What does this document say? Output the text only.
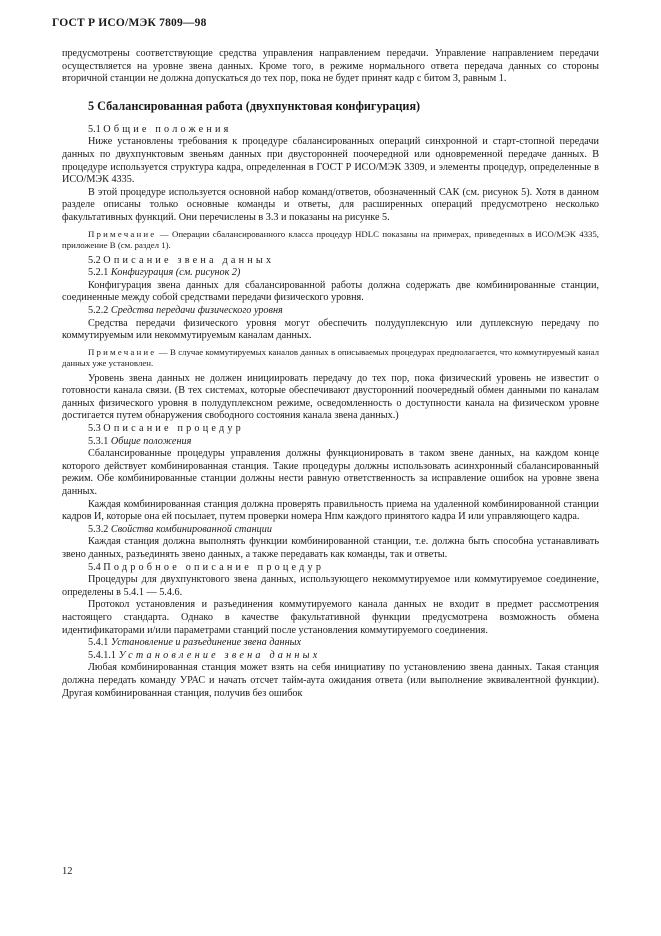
ГОСТ Р ИСО/МЭК 7809—98

предусмотрены соответствующие средства управления направлением передачи. Управление направлением передачи осуществляется на уровне звена данных. Кроме того, в режиме нормального ответа передача данных со стороны вторичной станции не должна допускаться до тех пор, пока не будет принят кадр с битом З, равным 1.

5 Сбалансированная работа (двухпунктовая конфигурация)
5.1 Общие положения

Ниже установлены требования к процедуре сбалансированных операций синхронной и старт-стопной передачи данных по двухпунктовым звеньям данных при двусторонней поочередной или одновременной передаче данных. В процедуре используется структура кадра, определенная в ГОСТ Р ИСО/МЭК 3309, и элементы процедур, определенные в ИСО/МЭК 4335.

В этой процедуре используется основной набор команд/ответов, обозначенный САК (см. рисунок 5). Хотя в данном разделе описаны только основные команды и ответы, для расширенных операций предусмотрено несколько факультативных функций. Они перечислены в 3.3 и показаны на рисунке 5.

Примечание — Операции сбалансированного класса процедур HDLC показаны на примерах, приведенных в ИСО/МЭК 4335, приложение В (см. раздел 1).

5.2 Описание звена данных
5.2.1 Конфигурация (см. рисунок 2)

Конфигурация звена данных для сбалансированной работы должна содержать две комбинированные станции, соединенные между собой средствами передачи физического уровня.

5.2.2 Средства передачи физического уровня

Средства передачи физического уровня могут обеспечить полудуплексную или дуплексную передачу по коммутируемым или некоммутируемым каналам данных.

Примечание — В случае коммутируемых каналов данных в описываемых процедурах предполагается, что коммутируемый канал данных уже установлен.

Уровень звена данных не должен инициировать передачу до тех пор, пока физический уровень не известит о готовности канала связи. (В тех системах, которые обеспечивают двусторонний поочередный обмен данными по каналам данных физического уровня в полудуплексном режиме, осведомленность о доступности канала на физическом уровне достигается путем обнаружения свободного состояния канала звена данных.)

5.3 Описание процедур
5.3.1 Общие положения

Сбалансированные процедуры управления должны функционировать в таком звене данных, на каждом конце которого действует комбинированная станция. Такие процедуры должны использовать асинхронный сбалансированный режим. Обе комбинированные станции должны нести равную ответственность за исправление ошибок на уровне звена данных.

Каждая комбинированная станция должна проверять правильность приема на удаленной комбинированной станции кадров И, которые она ей посылает, путем проверки номера Нпм каждого принятого кадра И или управляющего кадра.

5.3.2 Свойства комбинированной станции

Каждая станция должна выполнять функции комбинированной станции, т.е. должна быть способна устанавливать звено данных, разъединять звено данных, а также передавать как команды, так и ответы.

5.4 Подробное описание процедур

Процедуры для двухпунктового звена данных, использующего некоммутируемое или коммутируемое соединение, определены в 5.4.1 — 5.4.6.

Протокол установления и разъединения коммутируемого канала данных не входит в предмет рассмотрения настоящего стандарта. Однако в качестве факультативной функции предусмотрена возможность обмена идентификаторами и/или параметрами станций после установления коммутируемого соединения.

5.4.1 Установление и разъединение звена данных
5.4.1.1 Установление звена данных

Любая комбинированная станция может взять на себя инициативу по установлению звена данных. Такая станция должна передать команду УРАС и начать отсчет тайм-аута ожидания ответа (или выполнение эквивалентной функции). Другая комбинированная станция, получив без ошибок

12
